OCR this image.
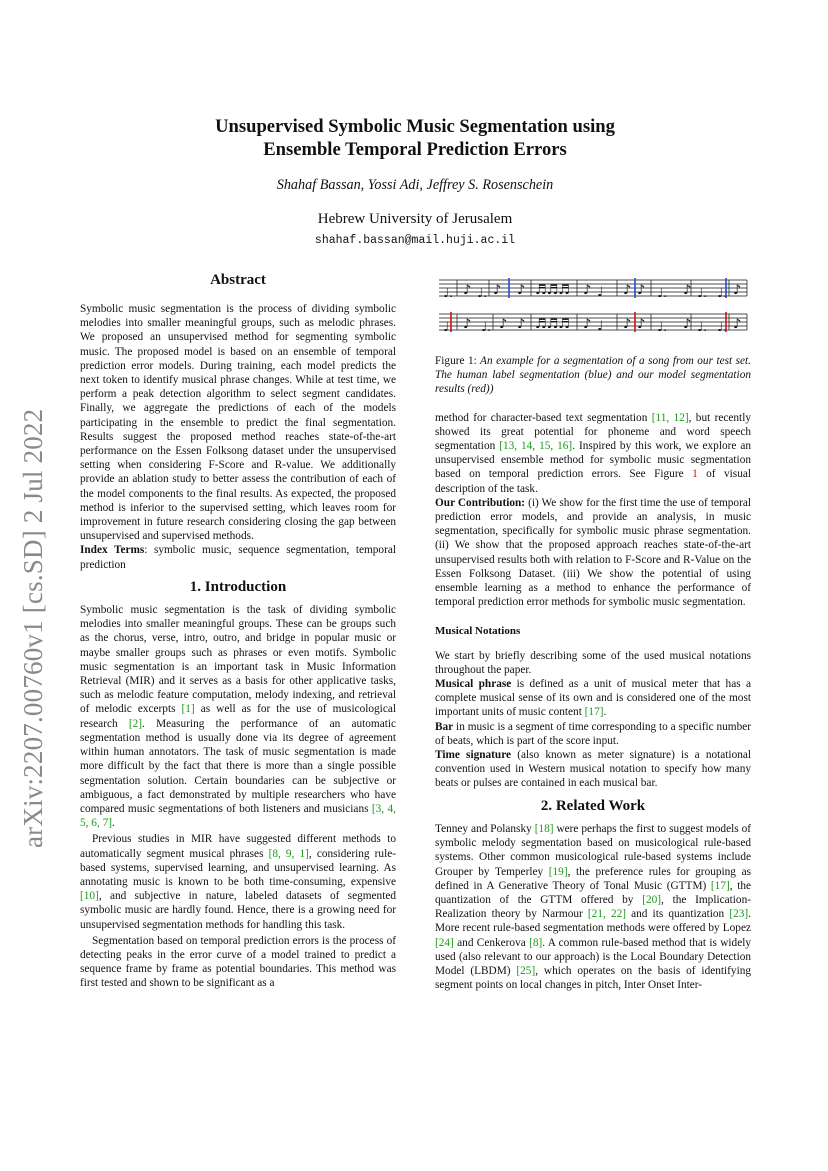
arXiv:2207.00760v1 [cs.SD] 2 Jul 2022
Unsupervised Symbolic Music Segmentation using
Ensemble Temporal Prediction Errors
Shahaf Bassan, Yossi Adi, Jeffrey S. Rosenschein
Hebrew University of Jerusalem
shahaf.bassan@mail.huji.ac.il
Abstract

Symbolic music segmentation is the process of dividing symbolic melodies into smaller meaningful groups, such as melodic phrases. We proposed an unsupervised method for segmenting symbolic music. The proposed model is based on an ensemble of temporal prediction error models. During training, each model predicts the next token to identify musical phrase changes. While at test time, we perform a peak detection algorithm to select segment candidates. Finally, we aggregate the predictions of each of the models participating in the ensemble to predict the final segmentation. Results suggest the proposed method reaches state-of-the-art performance on the Essen Folksong dataset under the unsupervised setting when considering F-Score and R-value. We additionally provide an ablation study to better assess the contribution of each of the model components to the final results. As expected, the proposed method is inferior to the supervised setting, which leaves room for improvement in future research considering closing the gap between unsupervised and supervised methods.

Index Terms: symbolic music, sequence segmentation, temporal prediction

1. Introduction

Symbolic music segmentation is the task of dividing symbolic melodies into smaller meaningful groups. These can be groups such as the chorus, verse, intro, outro, and bridge in popular music or maybe smaller groups such as phrases or even motifs. Symbolic music segmentation is an important task in Music Information Retrieval (MIR) and it serves as a basis for other applicative tasks, such as melodic feature computation, melody indexing, and retrieval of melodic excerpts [1] as well as for the use of musicological research [2]. Measuring the performance of an automatic segmentation method is usually done via its degree of agreement within human annotators. The task of music segmentation is made more difficult by the fact that there is more than a single possible segmentation solution. Certain boundaries can be subjective or ambiguous, a fact demonstrated by multiple researchers who have compared music segmentations of both listeners and musicians [3, 4, 5, 6, 7].

Previous studies in MIR have suggested different methods to automatically segment musical phrases [8, 9, 1], considering rule-based systems, supervised learning, and unsupervised learning. As annotating music is known to be both time-consuming, expensive [10], and subjective in nature, labeled datasets of segmented symbolic music are hardly found. Hence, there is a growing need for unsupervised segmentation methods for handling this task.

Segmentation based on temporal prediction errors is the process of detecting peaks in the error curve of a model trained to predict a sequence frame by frame as potential boundaries. This method was first tested and shown to be significant as a

♩. ♪ ♩. ♪ ♪ ♬♬♬ ♪ ♩ ♪ ♪ ♩. ♪ ♩. ♩. ♪
♩. ♪ ♩. ♪ ♪ ♬♬♬ ♪ ♩ ♪ ♪ ♩. ♪ ♩. ♩. ♪

Figure 1: An example for a segmentation of a song from our test set. The human label segmentation (blue) and our model segmentation results (red))

method for character-based text segmentation [11, 12], but recently showed its great potential for phoneme and word speech segmentation [13, 14, 15, 16]. Inspired by this work, we explore an unsupervised ensemble method for symbolic music segmentation based on temporal prediction errors. See Figure 1 of visual description of the task.

Our Contribution: (i) We show for the first time the use of temporal prediction error models, and provide an analysis, in music segmentation, specifically for symbolic music phrase segmentation. (ii) We show that the proposed approach reaches state-of-the-art unsupervised results both with relation to F-Score and R-Value on the Essen Folksong Dataset. (iii) We show the potential of using ensemble learning as a method to enhance the performance of temporal prediction error methods for symbolic music segmentation.

Musical Notations

We start by briefly describing some of the used musical notations throughout the paper.

Musical phrase is defined as a unit of musical meter that has a complete musical sense of its own and is considered one of the most important units of music content [17].

Bar in music is a segment of time corresponding to a specific number of beats, which is part of the score input.

Time signature (also known as meter signature) is a notational convention used in Western musical notation to specify how many beats or pulses are contained in each musical bar.

2. Related Work

Tenney and Polansky [18] were perhaps the first to suggest models of symbolic melody segmentation based on musicological rule-based systems. Other common musicological rule-based systems include Grouper by Temperley [19], the preference rules for grouping as defined in A Generative Theory of Tonal Music (GTTM) [17], the quantization of the GTTM offered by [20], the Implication-Realization theory by Narmour [21, 22] and its quantization [23]. More recent rule-based segmentation methods were offered by Lopez [24] and Cenkerova [8]. A common rule-based method that is widely used (also relevant to our approach) is the Local Boundary Detection Model (LBDM) [25], which operates on the basis of identifying segment points on local changes in pitch, Inter Onset Inter-
